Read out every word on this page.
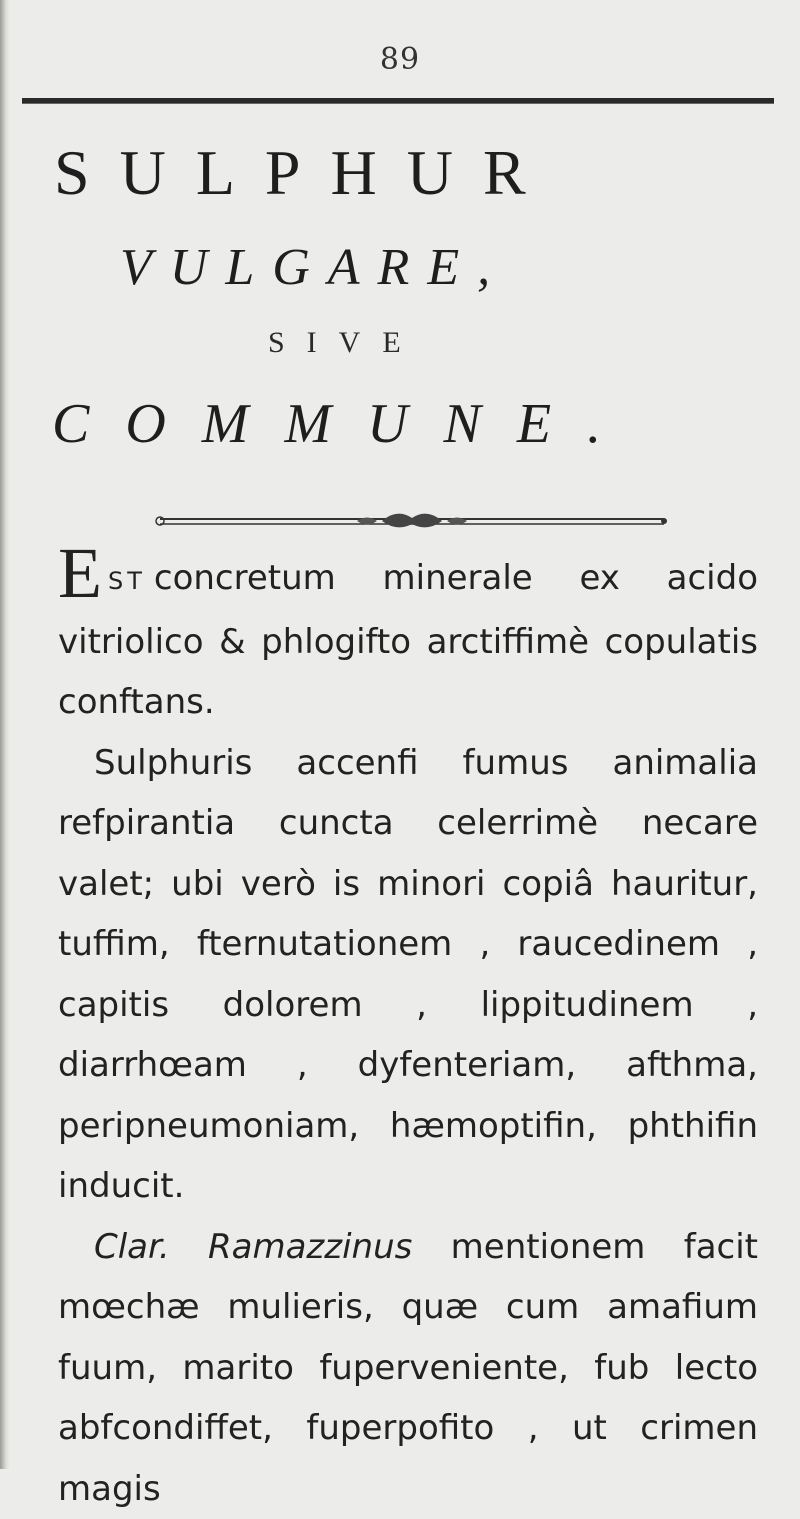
89
SULPHUR
VULGARE,
SIVE
COMMUNE.

EST concretum minerale ex acido vitriolico & phlogifto arctiffimè copulatis conftans.

Sulphuris accenfi fumus animalia refpirantia cuncta celerrimè necare valet; ubi verò is minori copiâ hauritur, tuffim, fternutationem , raucedinem , capitis dolorem , lippitudinem , diarrhœam , dyfenteriam, afthma, peripneumoniam, hæmoptifin, phthifin inducit.

Clar. Ramazzinus mentionem facit mœchæ mulieris, quæ cum amafium fuum, marito fuperveniente, fub lecto abfcondiffet, fuperpofito , ut crimen magis
